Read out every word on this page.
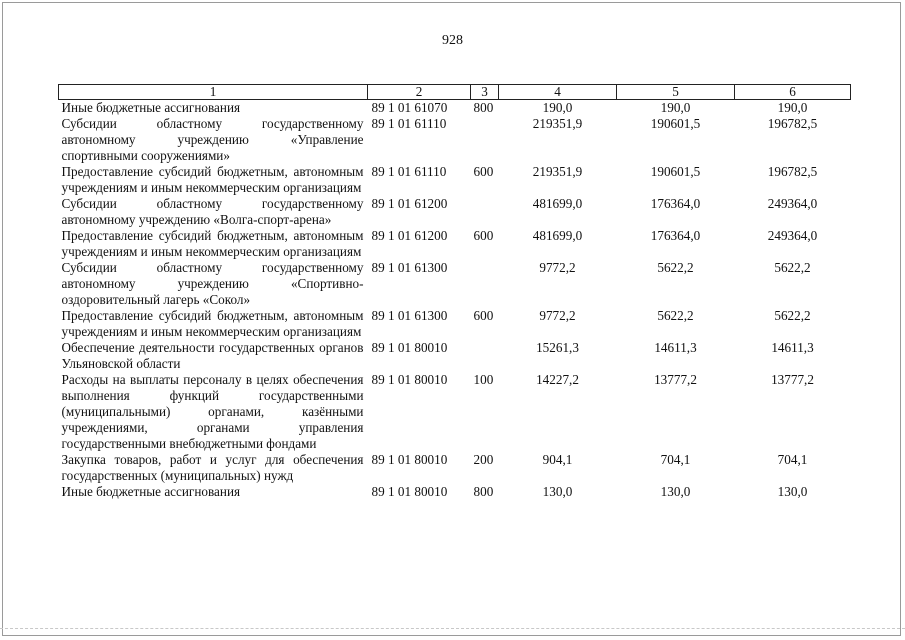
928
1	2	3	4	5	6
Иные бюджетные ассигнования	89 1 01 61070	800	190,0	190,0	190,0
Субсидии областному государственному автономному учреждению «Управление спортивными сооружениями»	89 1 01 61110		219351,9	190601,5	196782,5
Предоставление субсидий бюджетным, автономным учреждениям и иным некоммерческим организациям	89 1 01 61110	600	219351,9	190601,5	196782,5
Субсидии областному государственному автономному учреждению «Волга-спорт-арена»	89 1 01 61200		481699,0	176364,0	249364,0
Предоставление субсидий бюджетным, автономным учреждениям и иным некоммерческим организациям	89 1 01 61200	600	481699,0	176364,0	249364,0
Субсидии областному государственному автономному учреждению «Спортивно-оздоровительный лагерь «Сокол»	89 1 01 61300		9772,2	5622,2	5622,2
Предоставление субсидий бюджетным, автономным учреждениям и иным некоммерческим организациям	89 1 01 61300	600	9772,2	5622,2	5622,2
Обеспечение деятельности государственных органов Ульяновской области	89 1 01 80010		15261,3	14611,3	14611,3
Расходы на выплаты персоналу в целях обеспечения выполнения функций государственными (муниципальными) органами, казёнными учреждениями, органами управления государственными внебюджетными фондами	89 1 01 80010	100	14227,2	13777,2	13777,2
Закупка товаров, работ и услуг для обеспечения государственных (муниципальных) нужд	89 1 01 80010	200	904,1	704,1	704,1
Иные бюджетные ассигнования	89 1 01 80010	800	130,0	130,0	130,0
